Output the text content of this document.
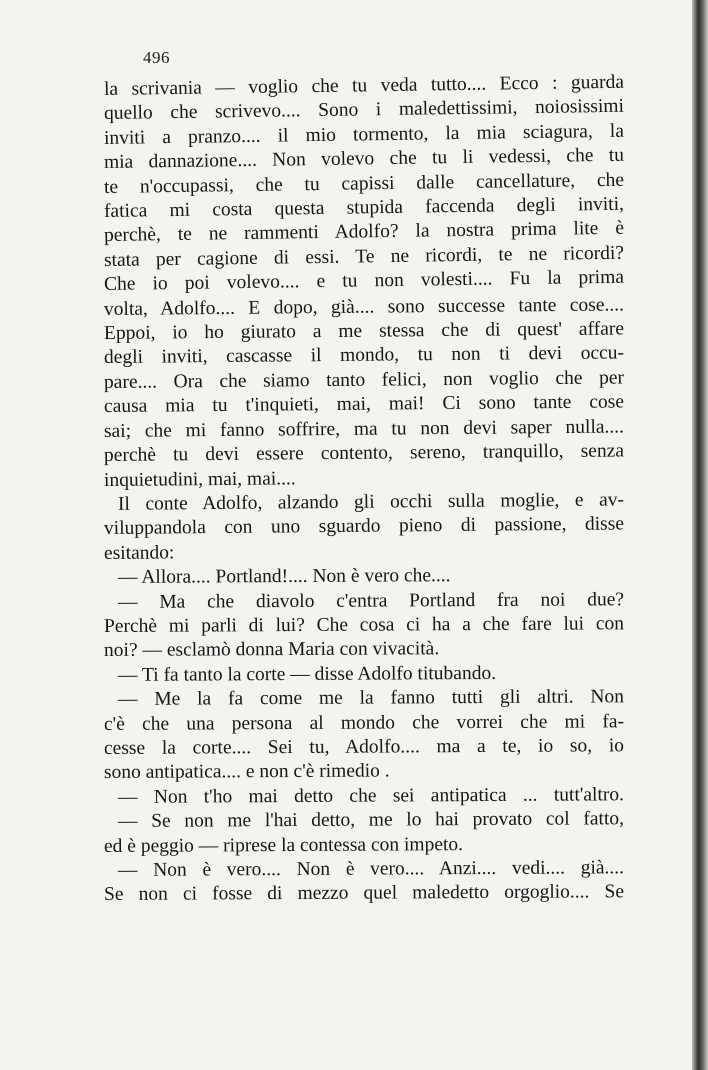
496
la scrivania — voglio che tu veda tutto.... Ecco : guarda
quello che scrivevo.... Sono i maledettissimi, noiosissimi
inviti a pranzo.... il mio tormento, la mia sciagura, la
mia dannazione.... Non volevo che tu li vedessi, che tu
te n'occupassi, che tu capissi dalle cancellature, che
fatica mi costa questa stupida faccenda degli inviti,
perchè, te ne rammenti Adolfo? la nostra prima lite è
stata per cagione di essi. Te ne ricordi, te ne ricordi?
Che io poi volevo.... e tu non volesti.... Fu la prima
volta, Adolfo.... E dopo, già.... sono successe tante cose....
Eppoi, io ho giurato a me stessa che di quest' affare
degli inviti, cascasse il mondo, tu non ti devi occu-
pare.... Ora che siamo tanto felici, non voglio che per
causa mia tu t'inquieti, mai, mai! Ci sono tante cose
sai; che mi fanno soffrire, ma tu non devi saper nulla....
perchè tu devi essere contento, sereno, tranquillo, senza
inquietudini, mai, mai....
Il conte Adolfo, alzando gli occhi sulla moglie, e av-
viluppandola con uno sguardo pieno di passione, disse
esitando:
— Allora.... Portland!.... Non è vero che....
— Ma che diavolo c'entra Portland fra noi due?
Perchè mi parli di lui? Che cosa ci ha a che fare lui con
noi? — esclamò donna Maria con vivacità.
— Ti fa tanto la corte — disse Adolfo titubando.
— Me la fa come me la fanno tutti gli altri. Non
c'è che una persona al mondo che vorrei che mi fa-
cesse la corte.... Sei tu, Adolfo.... ma a te, io so, io
sono antipatica.... e non c'è rimedio .
— Non t'ho mai detto che sei antipatica ... tutt'altro.
— Se non me l'hai detto, me lo hai provato col fatto,
ed è peggio — riprese la contessa con impeto.
— Non è vero.... Non è vero.... Anzi.... vedi.... già....
Se non ci fosse di mezzo quel maledetto orgoglio.... Se
